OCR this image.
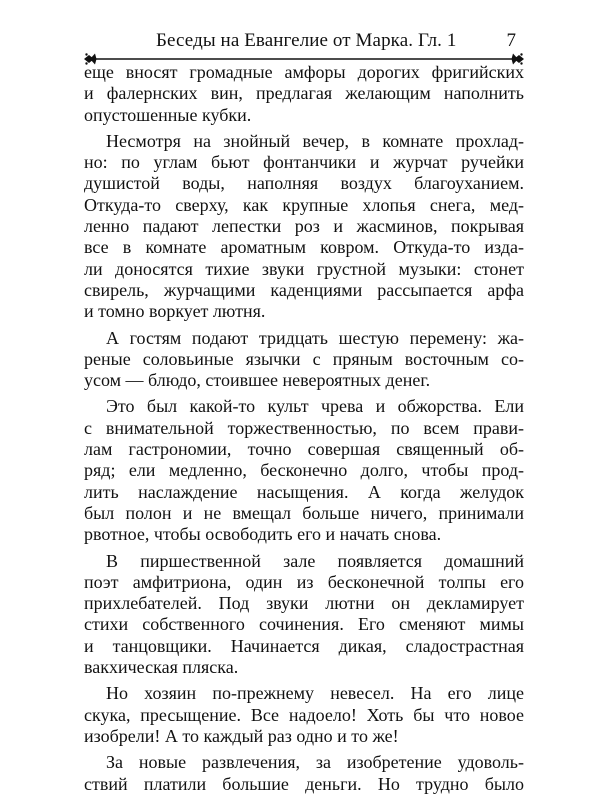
Беседы на Евангелие от Марка. Гл. 1	7
еще вносят громадные амфоры дорогих фригийских
и фалернских вин, предлагая желающим наполнить
опустошенные кубки.
Несмотря на знойный вечер, в комнате прохлад-
но: по углам бьют фонтанчики и журчат ручейки
душистой воды, наполняя воздух благоуханием.
Откуда-то сверху, как крупные хлопья снега, мед-
ленно падают лепестки роз и жасминов, покрывая
все в комнате ароматным ковром. Откуда-то изда-
ли доносятся тихие звуки грустной музыки: стонет
свирель, журчащими каденциями рассыпается арфа
и томно воркует лютня.
А гостям подают тридцать шестую перемену: жа-
реные соловьиные язычки с пряным восточным со-
усом — блюдо, стоившее невероятных денег.
Это был какой-то культ чрева и обжорства. Ели
с внимательной торжественностью, по всем прави-
лам гастрономии, точно совершая священный об-
ряд; ели медленно, бесконечно долго, чтобы прод-
лить наслаждение насыщения. А когда желудок
был полон и не вмещал больше ничего, принимали
рвотное, чтобы освободить его и начать снова.
В пиршественной зале появляется домашний
поэт амфитриона, один из бесконечной толпы его
прихлебателей. Под звуки лютни он декламирует
стихи собственного сочинения. Его сменяют мимы
и танцовщики. Начинается дикая, сладострастная
вакхическая пляска.
Но хозяин по-прежнему невесел. На его лице
скука, пресыщение. Все надоело! Хоть бы что новое
изобрели! А то каждый раз одно и то же!
За новые развлечения, за изобретение удоволь-
ствий платили большие деньги. Но трудно было
